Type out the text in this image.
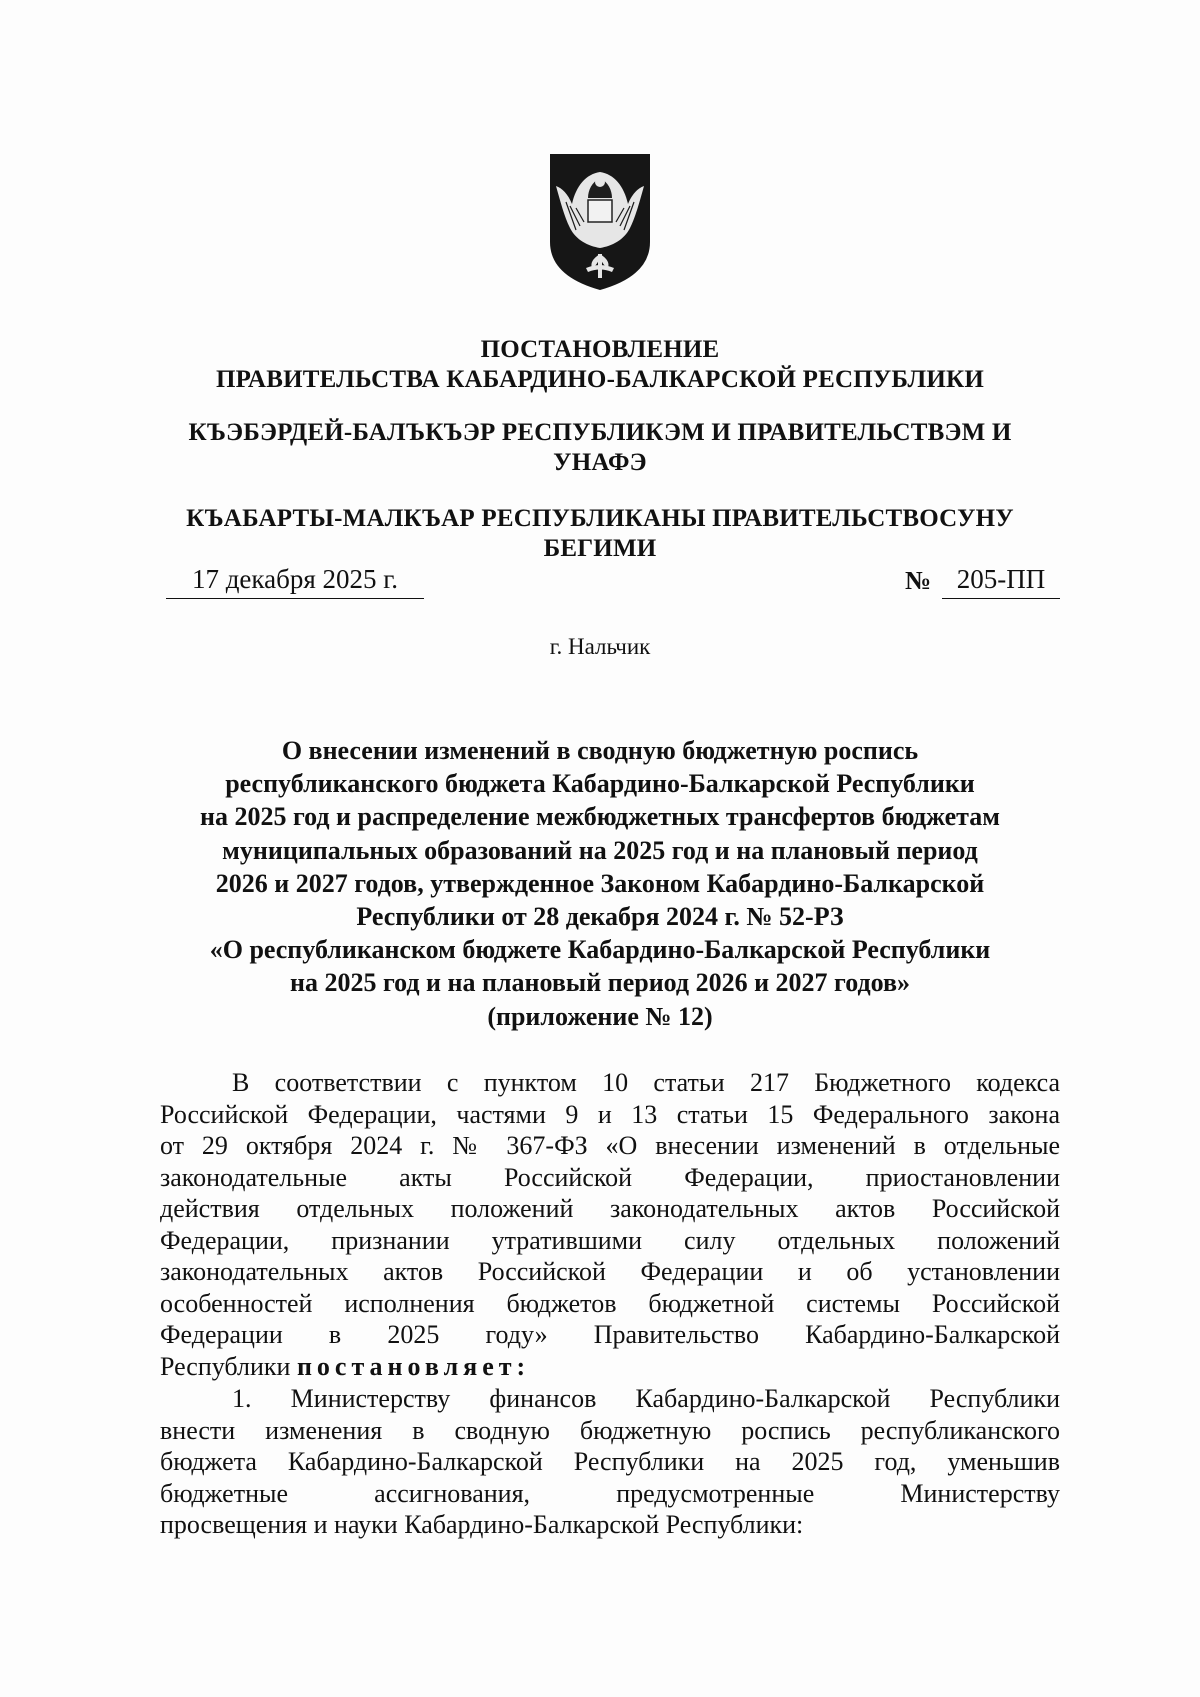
ПОСТАНОВЛЕНИЕ
ПРАВИТЕЛЬСТВА КАБАРДИНО-БАЛКАРСКОЙ РЕСПУБЛИКИ
КЪЭБЭРДЕЙ-БАЛЪКЪЭР РЕСПУБЛИКЭМ И ПРАВИТЕЛЬСТВЭМ И
УНАФЭ
КЪАБАРТЫ-МАЛКЪАР РЕСПУБЛИКАНЫ ПРАВИТЕЛЬСТВОСУНУ
БЕГИМИ
17 декабря 2025 г.	№ 205-ПП
г. Нальчик
О внесении изменений в сводную бюджетную роспись
республиканского бюджета Кабардино-Балкарской Республики
на 2025 год и распределение межбюджетных трансфертов бюджетам
муниципальных образований на 2025 год и на плановый период
2026 и 2027 годов, утвержденное Законом Кабардино-Балкарской
Республики от 28 декабря 2024 г. № 52-РЗ
«О республиканском бюджете Кабардино-Балкарской Республики
на 2025 год и на плановый период 2026 и 2027 годов»
(приложение № 12)
В соответствии с пунктом 10 статьи 217 Бюджетного кодекса
Российской Федерации, частями 9 и 13 статьи 15 Федерального закона
от 29 октября 2024 г. № 367-ФЗ «О внесении изменений в отдельные
законодательные акты Российской Федерации, приостановлении
действия отдельных положений законодательных актов Российской
Федерации, признании утратившими силу отдельных положений
законодательных актов Российской Федерации и об установлении
особенностей исполнения бюджетов бюджетной системы Российской
Федерации в 2025 году» Правительство Кабардино-Балкарской
Республики постановляет:
1. Министерству финансов Кабардино-Балкарской Республики
внести изменения в сводную бюджетную роспись республиканского
бюджета Кабардино-Балкарской Республики на 2025 год, уменьшив
бюджетные ассигнования, предусмотренные Министерству
просвещения и науки Кабардино-Балкарской Республики:
